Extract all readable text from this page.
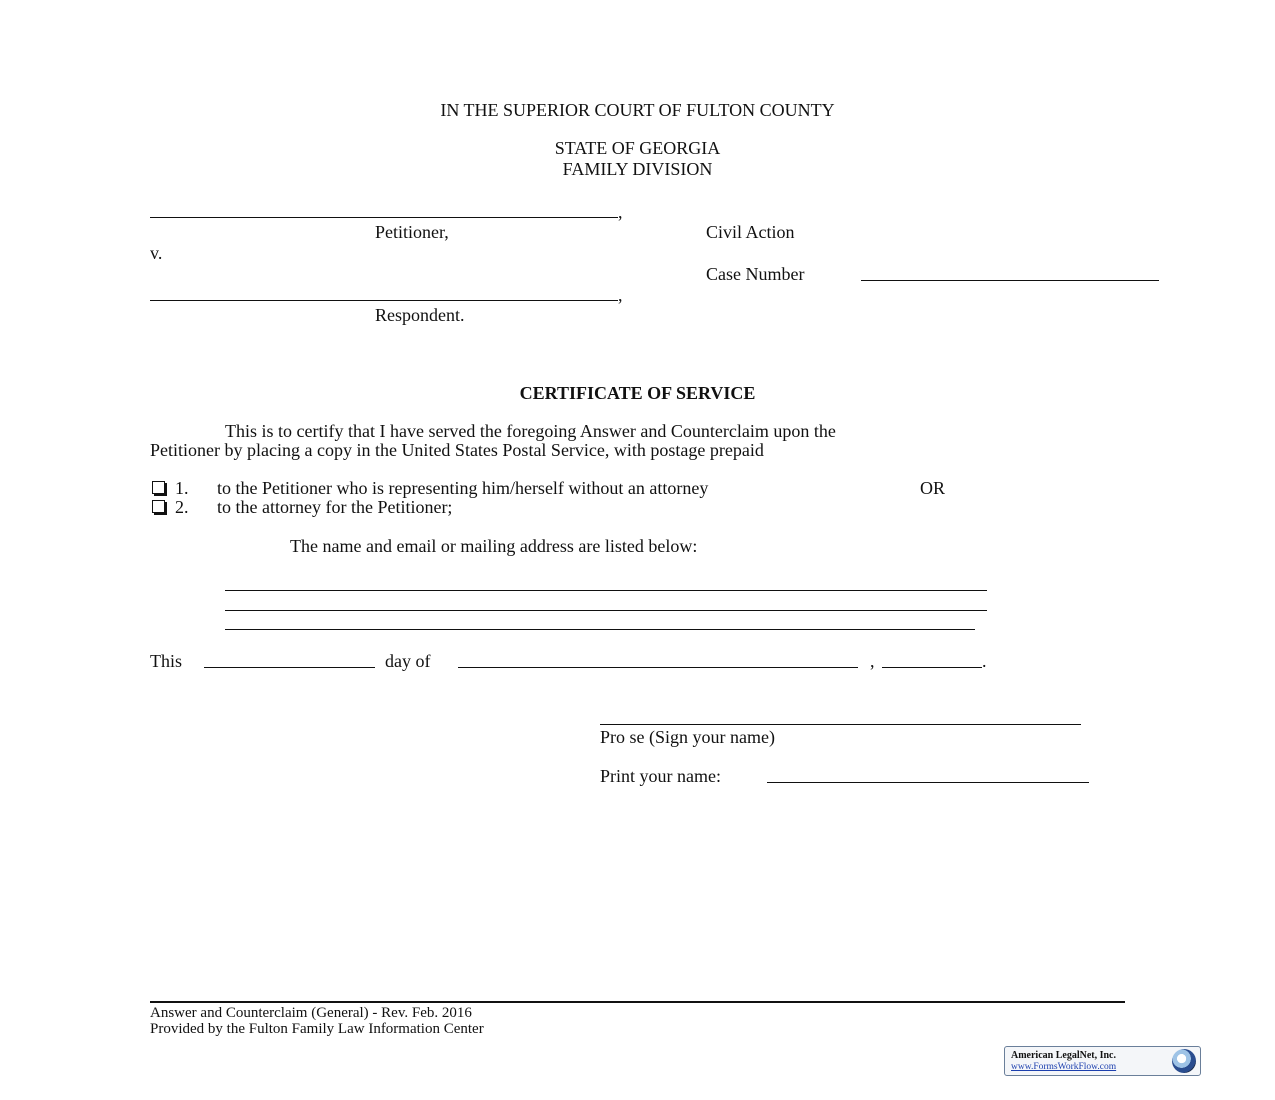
IN THE SUPERIOR COURT OF FULTON COUNTY
STATE OF GEORGIA
FAMILY DIVISION
,
Petitioner,
v.
,
Respondent.
Civil Action
Case Number
CERTIFICATE OF SERVICE
This is to certify that I have served the foregoing Answer and Counterclaim upon the
Petitioner by placing a copy in the United States Postal Service, with postage prepaid
1. to the Petitioner who is representing him/herself without an attorney	OR
2. to the attorney for the Petitioner;
The name and email or mailing address are listed below:
This	day of	,	.
Pro se (Sign your name)
Print your name:
Answer and Counterclaim (General) - Rev. Feb. 2016
Provided by the Fulton Family Law Information Center
American LegalNet, Inc.
www.FormsWorkFlow.com
